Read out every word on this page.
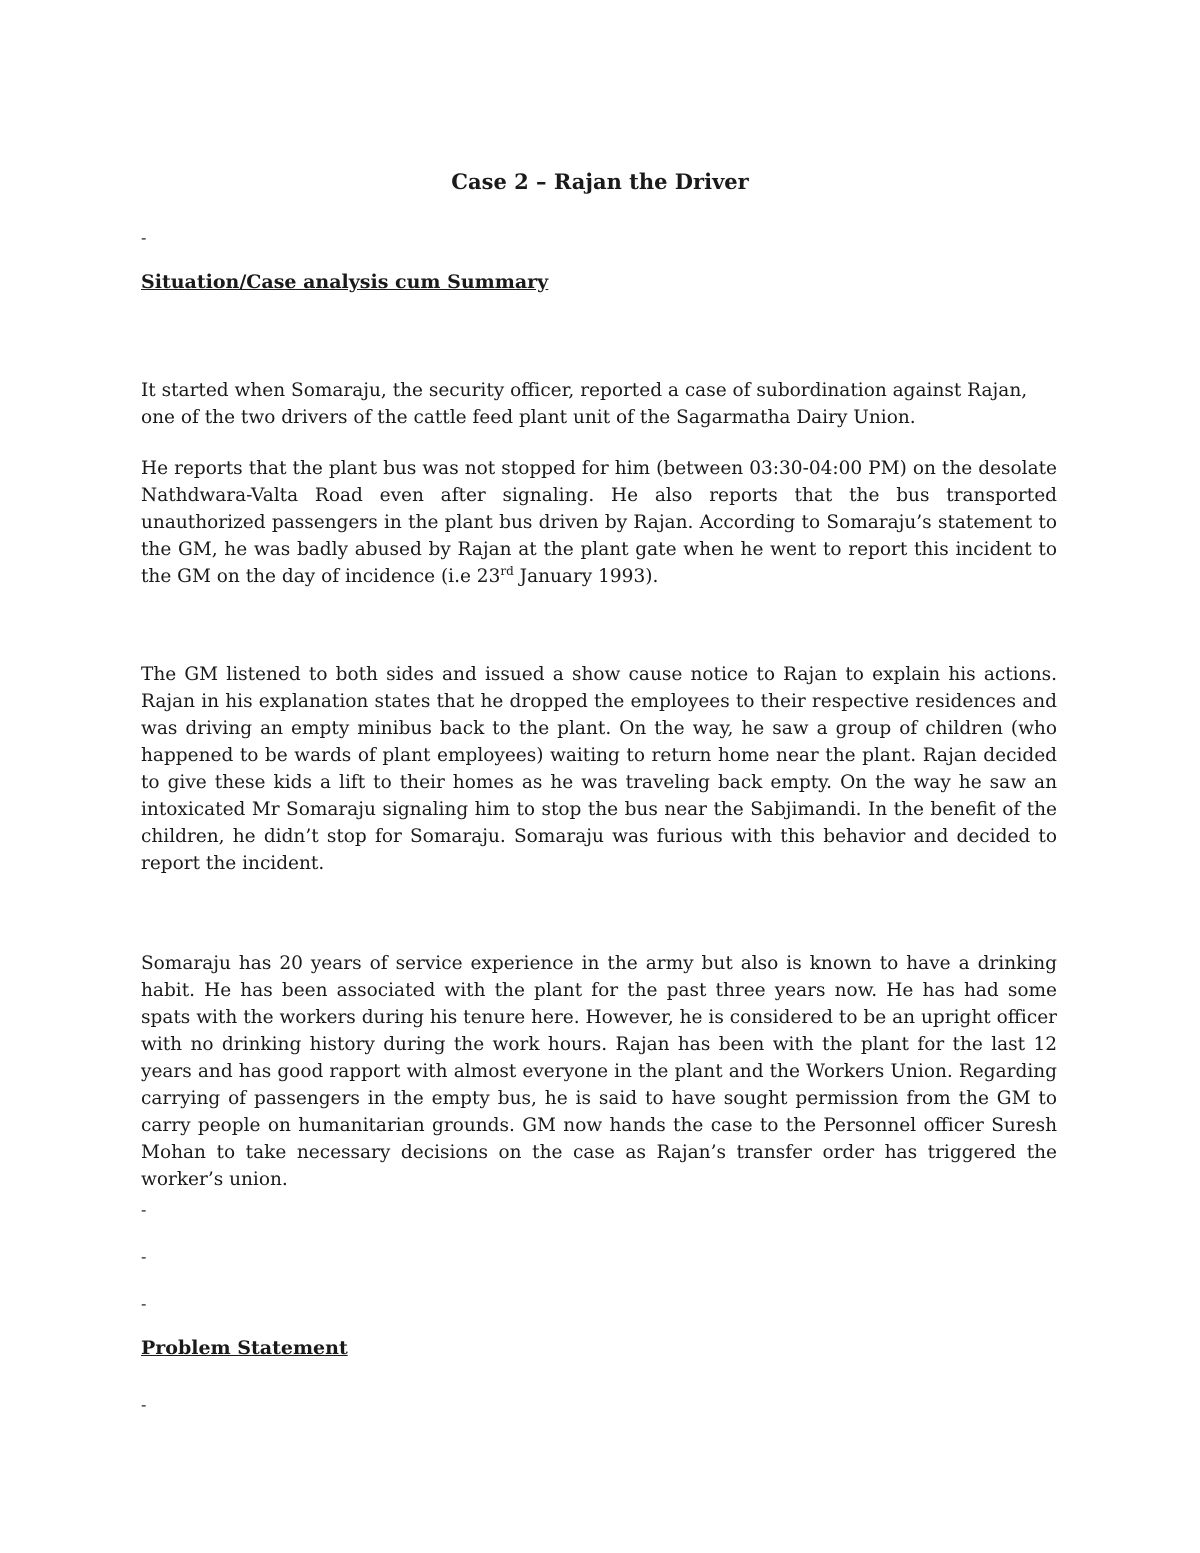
Case 2 – Rajan the Driver

-

Situation/Case analysis cum Summary

It started when Somaraju, the security officer, reported a case of subordination against Rajan, one of the two drivers of the cattle feed plant unit of the Sagarmatha Dairy Union.

He reports that the plant bus was not stopped for him (between 03:30-04:00 PM) on the desolate Nathdwara-Valta Road even after signaling. He also reports that the bus transported unauthorized passengers in the plant bus driven by Rajan. According to Somaraju’s statement to the GM, he was badly abused by Rajan at the plant gate when he went to report this incident to the GM on the day of incidence (i.e 23rd January 1993).

The GM listened to both sides and issued a show cause notice to Rajan to explain his actions. Rajan in his explanation states that he dropped the employees to their respective residences and was driving an empty minibus back to the plant. On the way, he saw a group of children (who happened to be wards of plant employees) waiting to return home near the plant. Rajan decided to give these kids a lift to their homes as he was traveling back empty. On the way he saw an intoxicated Mr Somaraju signaling him to stop the bus near the Sabjimandi. In the benefit of the children, he didn’t stop for Somaraju. Somaraju was furious with this behavior and decided to report the incident.

Somaraju has 20 years of service experience in the army but also is known to have a drinking habit. He has been associated with the plant for the past three years now. He has had some spats with the workers during his tenure here. However, he is considered to be an upright officer with no drinking history during the work hours. Rajan has been with the plant for the last 12 years and has good rapport with almost everyone in the plant and the Workers Union. Regarding carrying of passengers in the empty bus, he is said to have sought permission from the GM to carry people on humanitarian grounds. GM now hands the case to the Personnel officer Suresh Mohan to take necessary decisions on the case as Rajan’s transfer order has triggered the worker’s union.

-

-

-

Problem Statement

-
